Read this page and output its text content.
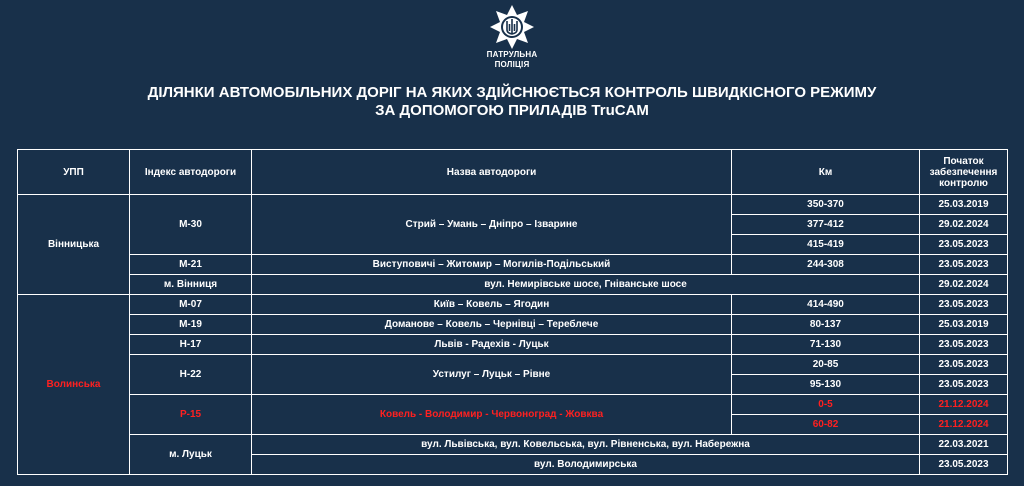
ПАТРУЛЬНА
ПОЛІЦІЯ
ДІЛЯНКИ АВТОМОБІЛЬНИХ ДОРІГ НА ЯКИХ ЗДІЙСНЮЄТЬСЯ КОНТРОЛЬ ШВИДКІСНОГО РЕЖИМУ
ЗА ДОПОМОГОЮ ПРИЛАДІВ TruCAM
УПП	Індекс автодороги	Назва автодороги	Км	Початок забезпечення контролю
Вінницька	М-30	Стрий – Умань – Дніпро – Ізварине	350-370	25.03.2019
			377-412	29.02.2024
			415-419	23.05.2023
	М-21	Виступовичі – Житомир – Могилів-Подільський	244-308	23.05.2023
	м. Вінниця	вул. Немирівське шосе, Гніванське шосе		29.02.2024
Волинська	М-07	Київ – Ковель – Ягодин	414-490	23.05.2023
	М-19	Доманове – Ковель – Чернівці – Тереблече	80-137	25.03.2019
	Н-17	Львів - Радехів - Луцьк	71-130	23.05.2023
	Н-22	Устилуг – Луцьк – Рівне	20-85	23.05.2023
			95-130	23.05.2023
	Р-15	Ковель - Володимир - Червоноград - Жовква	0-5	21.12.2024
			60-82	21.12.2024
	м. Луцьк	вул. Львівська, вул. Ковельська, вул. Рівненська, вул. Набережна		22.03.2021
		вул. Володимирська		23.05.2023
